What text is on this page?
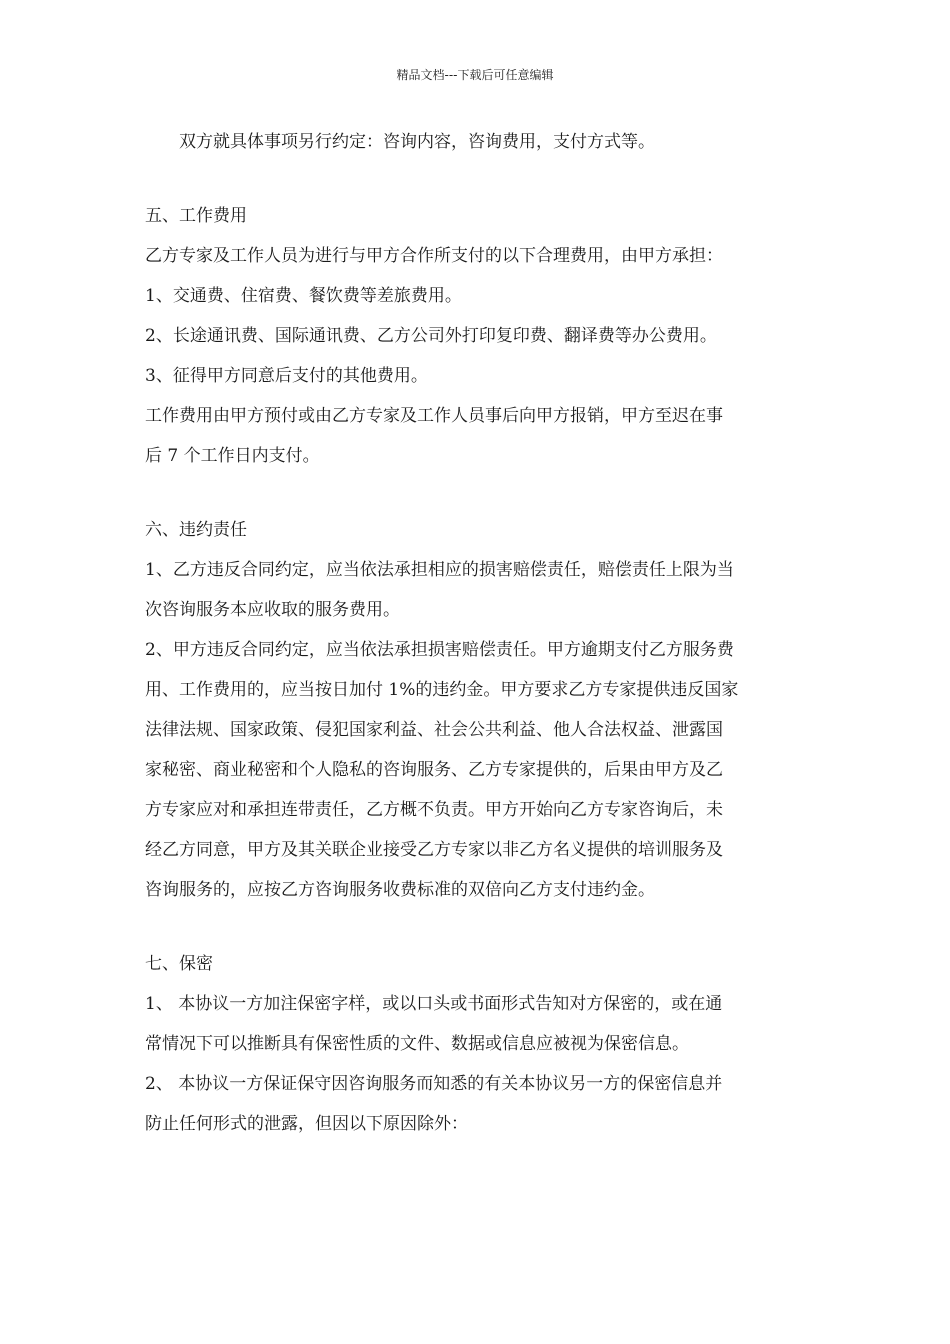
精品文档---下载后可任意编辑

双方就具体事项另行约定：咨询内容，咨询费用，支付方式等。

五、工作费用

乙方专家及工作人员为进行与甲方合作所支付的以下合理费用，由甲方承担：

1、交通费、住宿费、餐饮费等差旅费用。

2、长途通讯费、国际通讯费、乙方公司外打印复印费、翻译费等办公费用。

3、征得甲方同意后支付的其他费用。

工作费用由甲方预付或由乙方专家及工作人员事后向甲方报销，甲方至迟在事

后 7 个工作日内支付。

六、违约责任

1、乙方违反合同约定，应当依法承担相应的损害赔偿责任，赔偿责任上限为当

次咨询服务本应收取的服务费用。

2、甲方违反合同约定，应当依法承担损害赔偿责任。甲方逾期支付乙方服务费

用、工作费用的，应当按日加付 1%的违约金。甲方要求乙方专家提供违反国家

法律法规、国家政策、侵犯国家利益、社会公共利益、他人合法权益、泄露国

家秘密、商业秘密和个人隐私的咨询服务、乙方专家提供的，后果由甲方及乙

方专家应对和承担连带责任，乙方概不负责。甲方开始向乙方专家咨询后，未

经乙方同意，甲方及其关联企业接受乙方专家以非乙方名义提供的培训服务及

咨询服务的，应按乙方咨询服务收费标准的双倍向乙方支付违约金。

七、保密

1、 本协议一方加注保密字样，或以口头或书面形式告知对方保密的，或在通

常情况下可以推断具有保密性质的文件、数据或信息应被视为保密信息。

2、 本协议一方保证保守因咨询服务而知悉的有关本协议另一方的保密信息并

防止任何形式的泄露，但因以下原因除外：
